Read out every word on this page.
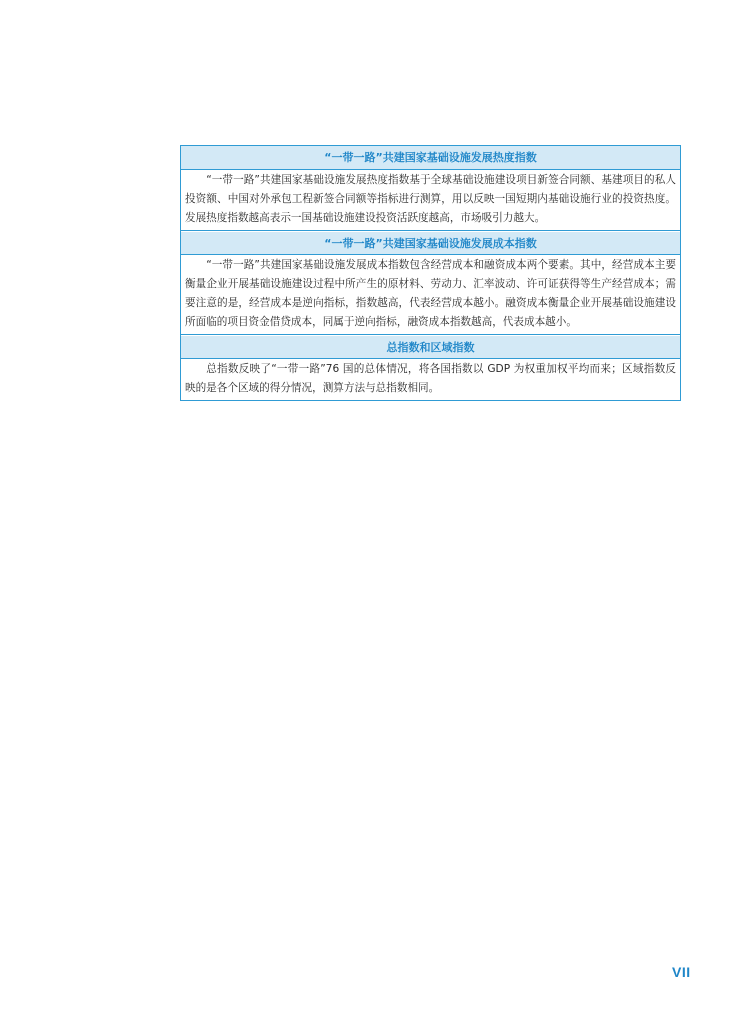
“一带一路”共建国家基础设施发展热度指数
“一带一路”共建国家基础设施发展热度指数基于全球基础设施建设项目新签合同额、基建项目的私人投资额、中国对外承包工程新签合同额等指标进行测算，用以反映一国短期内基础设施行业的投资热度。发展热度指数越高表示一国基础设施建设投资活跃度越高，市场吸引力越大。
“一带一路”共建国家基础设施发展成本指数
“一带一路”共建国家基础设施发展成本指数包含经营成本和融资成本两个要素。其中，经营成本主要衡量企业开展基础设施建设过程中所产生的原材料、劳动力、汇率波动、许可证获得等生产经营成本；需要注意的是，经营成本是逆向指标，指数越高，代表经营成本越小。融资成本衡量企业开展基础设施建设所面临的项目资金借贷成本，同属于逆向指标，融资成本指数越高，代表成本越小。
总指数和区域指数
总指数反映了“一带一路”76 国的总体情况，将各国指数以 GDP 为权重加权平均而来；区域指数反映的是各个区域的得分情况，测算方法与总指数相同。
VII
